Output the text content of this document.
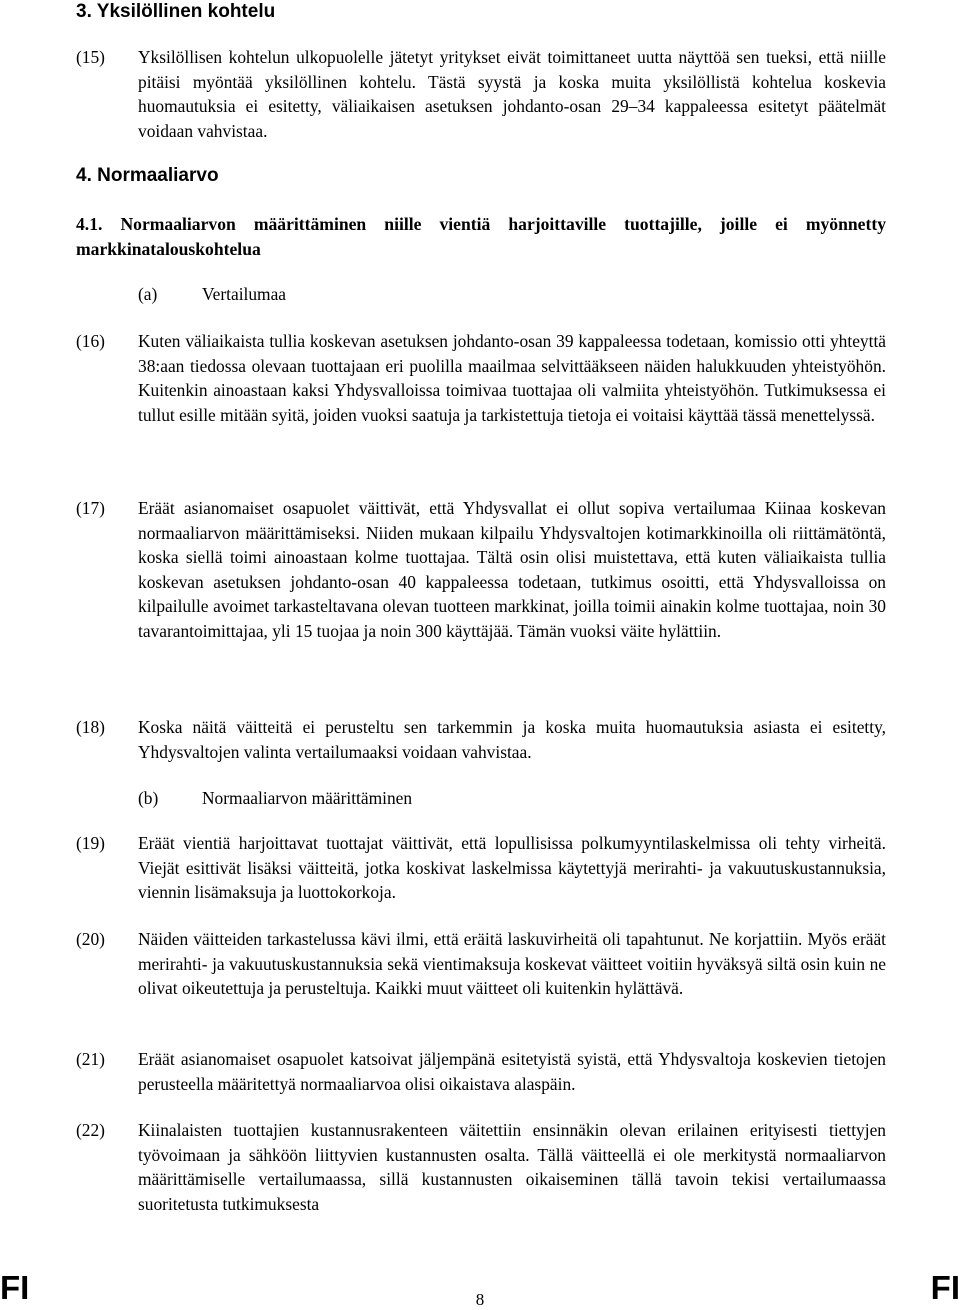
3. Yksilöllinen kohtelu
(15) Yksilöllisen kohtelun ulkopuolelle jätetyt yritykset eivät toimittaneet uutta näyttöä sen tueksi, että niille pitäisi myöntää yksilöllinen kohtelu. Tästä syystä ja koska muita yksilöllistä kohtelua koskevia huomautuksia ei esitetty, väliaikaisen asetuksen johdanto-osan 29–34 kappaleessa esitetyt päätelmät voidaan vahvistaa.
4. Normaaliarvo
4.1. Normaaliarvon määrittäminen niille vientiä harjoittaville tuottajille, joille ei myönnetty markkinatalouskohtelua
(a)	Vertailumaa
(16) Kuten väliaikaista tullia koskevan asetuksen johdanto-osan 39 kappaleessa todetaan, komissio otti yhteyttä 38:aan tiedossa olevaan tuottajaan eri puolilla maailmaa selvittääkseen näiden halukkuuden yhteistyöhön. Kuitenkin ainoastaan kaksi Yhdysvalloissa toimivaa tuottajaa oli valmiita yhteistyöhön. Tutkimuksessa ei tullut esille mitään syitä, joiden vuoksi saatuja ja tarkistettuja tietoja ei voitaisi käyttää tässä menettelyssä.
(17) Eräät asianomaiset osapuolet väittivät, että Yhdysvallat ei ollut sopiva vertailumaa Kiinaa koskevan normaaliarvon määrittämiseksi. Niiden mukaan kilpailu Yhdysvaltojen kotimarkkinoilla oli riittämätöntä, koska siellä toimi ainoastaan kolme tuottajaa. Tältä osin olisi muistettava, että kuten väliaikaista tullia koskevan asetuksen johdanto-osan 40 kappaleessa todetaan, tutkimus osoitti, että Yhdysvalloissa on kilpailulle avoimet tarkasteltavana olevan tuotteen markkinat, joilla toimii ainakin kolme tuottajaa, noin 30 tavarantoimittajaa, yli 15 tuojaa ja noin 300 käyttäjää. Tämän vuoksi väite hylättiin.
(18) Koska näitä väitteitä ei perusteltu sen tarkemmin ja koska muita huomautuksia asiasta ei esitetty, Yhdysvaltojen valinta vertailumaaksi voidaan vahvistaa.
(b)	Normaaliarvon määrittäminen
(19) Eräät vientiä harjoittavat tuottajat väittivät, että lopullisissa polkumyyntilaskelmissa oli tehty virheitä. Viejät esittivät lisäksi väitteitä, jotka koskivat laskelmissa käytettyjä merirahti- ja vakuutuskustannuksia, viennin lisämaksuja ja luottokorkoja.
(20) Näiden väitteiden tarkastelussa kävi ilmi, että eräitä laskuvirheitä oli tapahtunut. Ne korjattiin. Myös eräät merirahti- ja vakuutuskustannuksia sekä vientimaksuja koskevat väitteet voitiin hyväksyä siltä osin kuin ne olivat oikeutettuja ja perusteltuja. Kaikki muut väitteet oli kuitenkin hylättävä.
(21) Eräät asianomaiset osapuolet katsoivat jäljempänä esitetyistä syistä, että Yhdysvaltoja koskevien tietojen perusteella määritettyä normaaliarvoa olisi oikaistava alaspäin.
(22) Kiinalaisten tuottajien kustannusrakenteen väitettiin ensinnäkin olevan erilainen erityisesti tiettyjen työvoimaan ja sähköön liittyvien kustannusten osalta. Tällä väitteellä ei ole merkitystä normaaliarvon määrittämiselle vertailumaassa, sillä kustannusten oikaiseminen tällä tavoin tekisi vertailumaassa suoritetusta tutkimuksesta
FI	FI
8
